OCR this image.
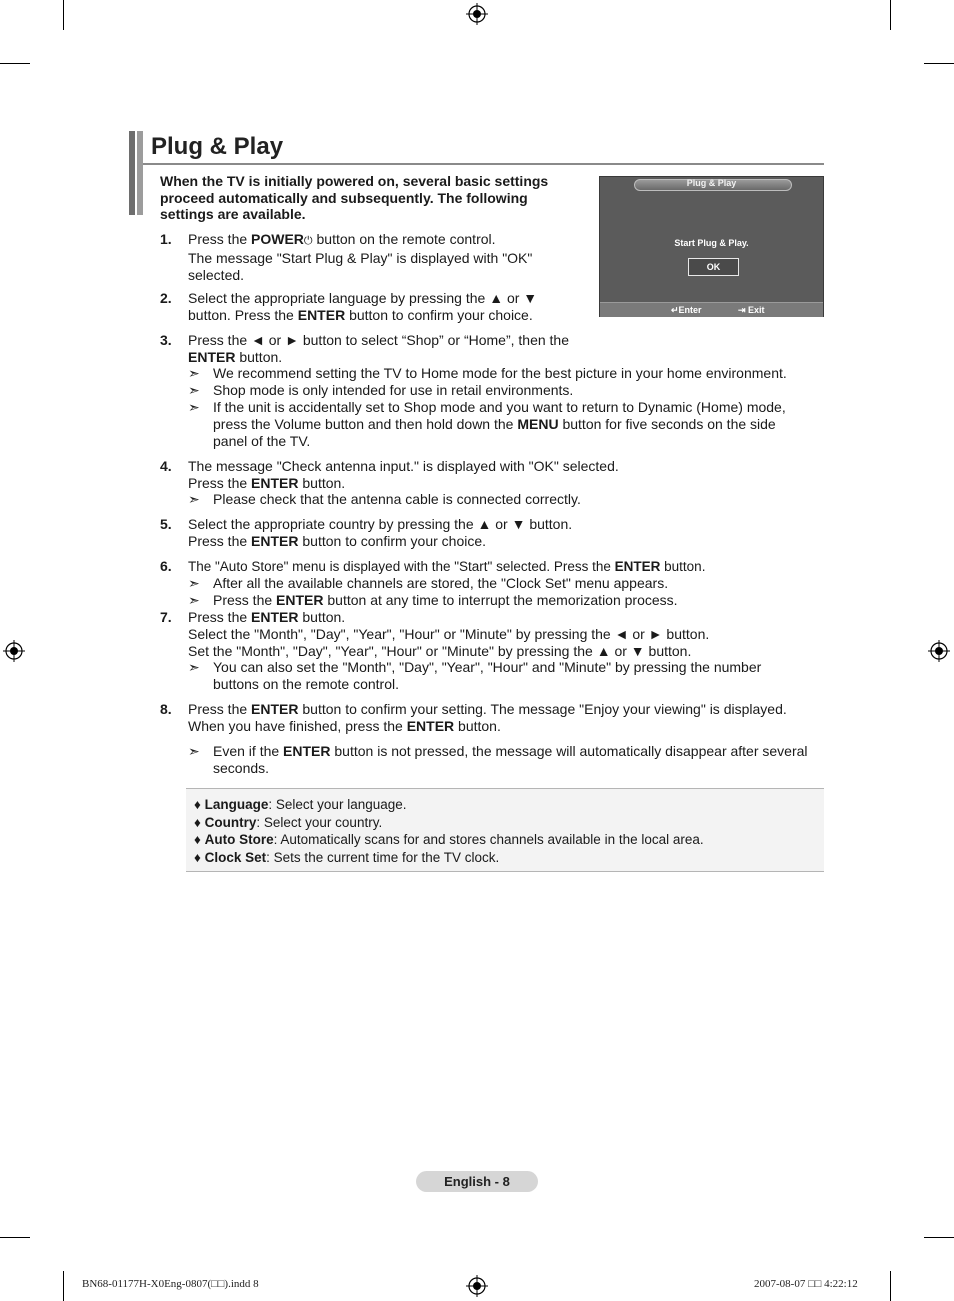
Plug & Play
When the TV is initially powered on, several basic settings proceed automatically and subsequently. The following settings are available.
Plug & Play
Start Plug & Play.
OK
↵Enter	⇥ Exit
1. Press the POWER⏻ button on the remote control.
The message "Start Plug & Play" is displayed with "OK"
selected.
2. Select the appropriate language by pressing the ▲ or ▼
button. Press the ENTER button to confirm your choice.
3. Press the ◄ or ► button to select “Shop” or “Home”, then the
ENTER button.
4. The message "Check antenna input." is displayed with "OK" selected.
Press the ENTER button.
5. Select the appropriate country by pressing the ▲ or ▼ button.
Press the ENTER button to confirm your choice.
6. The "Auto Store" menu is displayed with the "Start" selected. Press the ENTER button.
7. Press the ENTER button.
Select the "Month", "Day", "Year", "Hour" or "Minute" by pressing the ◄ or ► button.
Set the "Month", "Day", "Year", "Hour" or "Minute" by pressing the ▲ or ▼ button.
8. Press the ENTER button to confirm your setting. The message "Enjoy your viewing" is displayed.
When you have finished, press the ENTER button.
➣ We recommend setting the TV to Home mode for the best picture in your home environment.
➣ Shop mode is only intended for use in retail environments.
➣ If the unit is accidentally set to Shop mode and you want to return to Dynamic (Home) mode,
press the Volume button and then hold down the MENU button for five seconds on the side
panel of the TV.
➣ Please check that the antenna cable is connected correctly.
➣ After all the available channels are stored, the "Clock Set" menu appears.
➣ Press the ENTER button at any time to interrupt the memorization process.
➣ You can also set the "Month", "Day", "Year", "Hour" and "Minute" by pressing the number
buttons on the remote control.
➣ Even if the ENTER button is not pressed, the message will automatically disappear after several
seconds.
♦ Language: Select your language.
♦ Country: Select your country.
♦ Auto Store: Automatically scans for and stores channels available in the local area.
♦ Clock Set: Sets the current time for the TV clock.
English - 8
BN68-01177H-X0Eng-0807(□□).indd 8	2007-08-07 □□ 4:22:12
